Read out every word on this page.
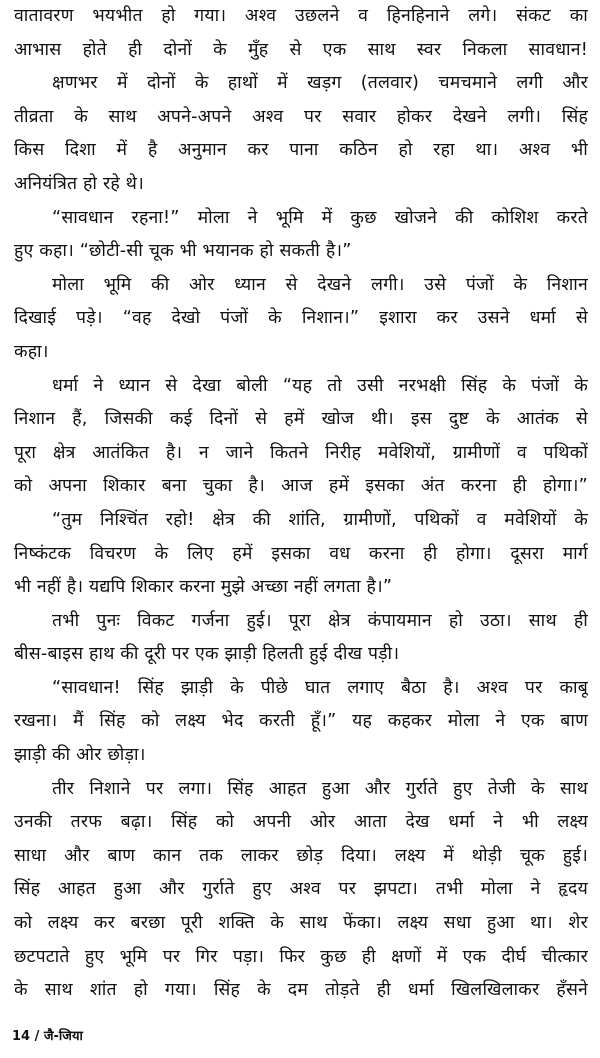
वातावरण भयभीत हो गया। अश्व उछलने व हिनहिनाने लगे। संकट का
आभास होते ही दोनों के मुँह से एक साथ स्वर निकला सावधान!
क्षणभर में दोनों के हाथों में खड़ग (तलवार) चमचमाने लगी और
तीव्रता के साथ अपने-अपने अश्व पर सवार होकर देखने लगी। सिंह
किस दिशा में है अनुमान कर पाना कठिन हो रहा था। अश्व भी
अनियंत्रित हो रहे थे।
“सावधान रहना!” मोला ने भूमि में कुछ खोजने की कोशिश करते
हुए कहा। “छोटी-सी चूक भी भयानक हो सकती है।”
मोला भूमि की ओर ध्यान से देखने लगी। उसे पंजों के निशान
दिखाई पड़े। “वह देखो पंजों के निशान।” इशारा कर उसने धर्मा से
कहा।
धर्मा ने ध्यान से देखा बोली “यह तो उसी नरभक्षी सिंह के पंजों के
निशान हैं, जिसकी कई दिनों से हमें खोज थी। इस दुष्ट के आतंक से
पूरा क्षेत्र आतंकित है। न जाने कितने निरीह मवेशियों, ग्रामीणों व पथिकों
को अपना शिकार बना चुका है। आज हमें इसका अंत करना ही होगा।”
“तुम निश्चिंत रहो! क्षेत्र की शांति, ग्रामीणों, पथिकों व मवेशियों के
निष्कंटक विचरण के लिए हमें इसका वध करना ही होगा। दूसरा मार्ग
भी नहीं है। यद्यपि शिकार करना मुझे अच्छा नहीं लगता है।”
तभी पुनः विकट गर्जना हुई। पूरा क्षेत्र कंपायमान हो उठा। साथ ही
बीस-बाइस हाथ की दूरी पर एक झाड़ी हिलती हुई दीख पड़ी।
“सावधान! सिंह झाड़ी के पीछे घात लगाए बैठा है। अश्व पर काबू
रखना। मैं सिंह को लक्ष्य भेद करती हूँ।” यह कहकर मोला ने एक बाण
झाड़ी की ओर छोड़ा।
तीर निशाने पर लगा। सिंह आहत हुआ और गुर्राते हुए तेजी के साथ
उनकी तरफ बढ़ा। सिंह को अपनी ओर आता देख धर्मा ने भी लक्ष्य
साधा और बाण कान तक लाकर छोड़ दिया। लक्ष्य में थोड़ी चूक हुई।
सिंह आहत हुआ और गुर्राते हुए अश्व पर झपटा। तभी मोला ने हृदय
को लक्ष्य कर बरछा पूरी शक्ति के साथ फेंका। लक्ष्य सधा हुआ था। शेर
छटपटाते हुए भूमि पर गिर पड़ा। फिर कुछ ही क्षणों में एक दीर्घ चीत्कार
के साथ शांत हो गया। सिंह के दम तोड़ते ही धर्मा खिलखिलाकर हँसने
14 / जै-जिया
